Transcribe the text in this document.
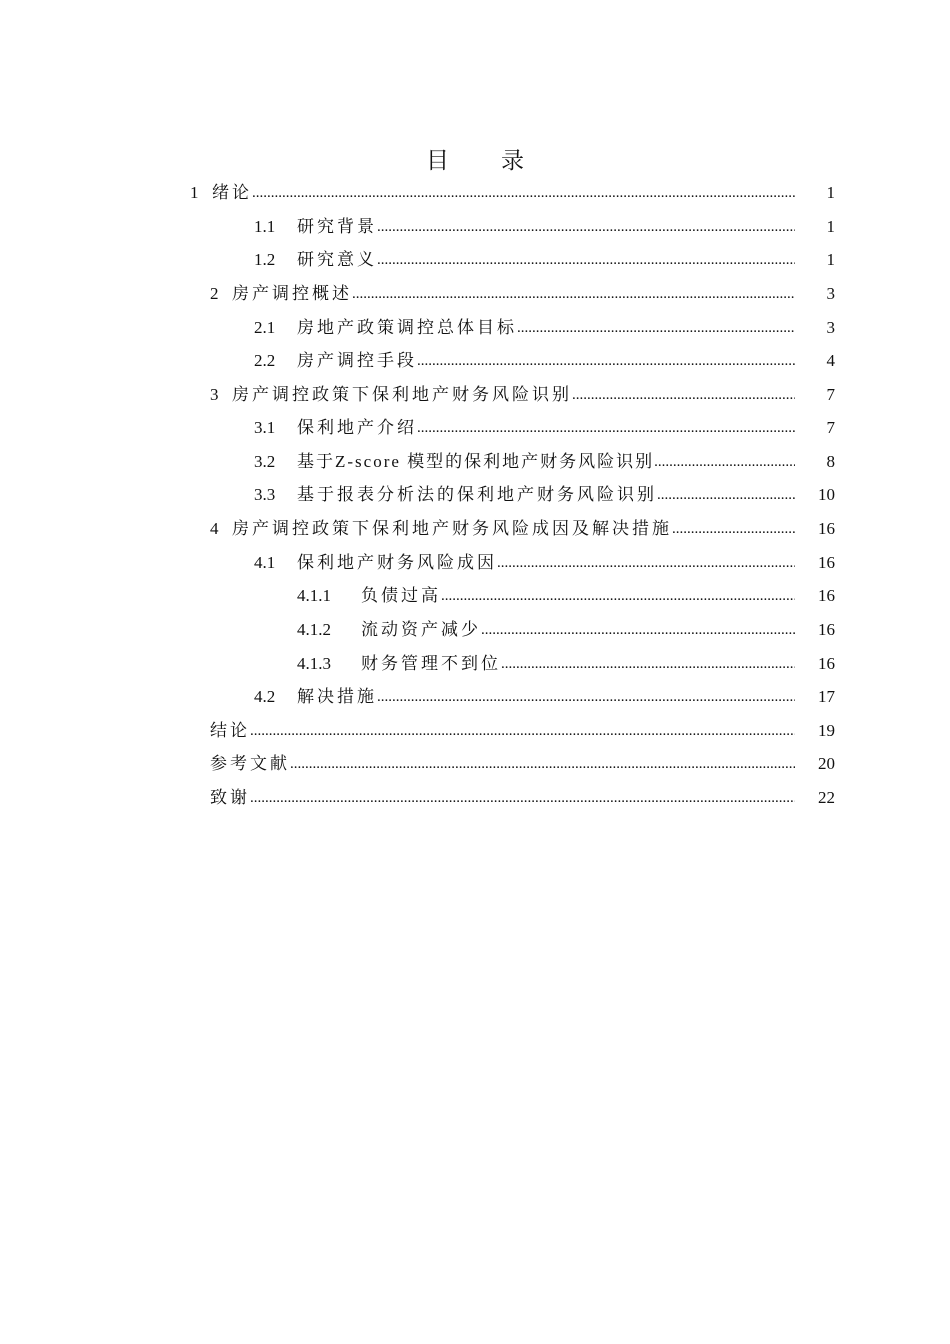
目 录
1 绪论 .....	1
1.1	研究背景 .....	1
1.2	研究意义 .....	1
2 房产调控概述 .....	3
2.1	房地产政策调控总体目标 .....	3
2.2	房产调控手段 .....	4
3 房产调控政策下保利地产财务风险识别 .....	7
3.1	保利地产介绍 .....	7
3.2	基于Z-score 模型的保利地产财务风险识别 .....	8
3.3	基于报表分析法的保利地产财务风险识别 .....	10
4 房产调控政策下保利地产财务风险成因及解决措施 .....	16
4.1	保利地产财务风险成因 .....	16
4.1.1	负债过高 .....	16
4.1.2	流动资产减少 .....	16
4.1.3	财务管理不到位 .....	16
4.2	解决措施 .....	17
结论 .....	19
参考文献 .....	20
致谢 .....	22
